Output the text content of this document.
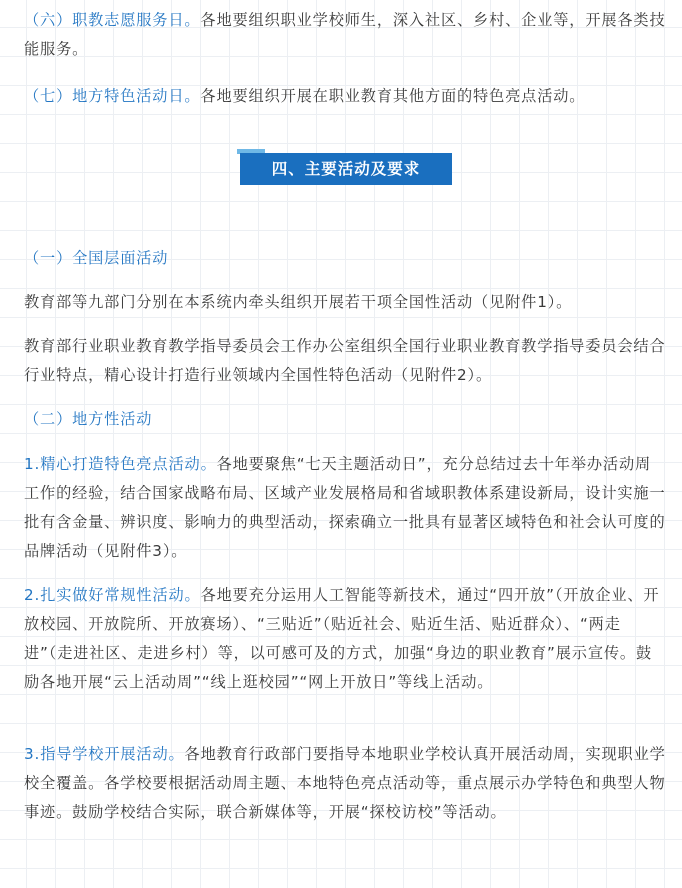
（六）职教志愿服务日。各地要组织职业学校师生，深入社区、乡村、企业等，开展各类技能服务。

（七）地方特色活动日。各地要组织开展在职业教育其他方面的特色亮点活动。

四、主要活动及要求

（一）全国层面活动

教育部等九部门分别在本系统内牵头组织开展若干项全国性活动（见附件1）。

教育部行业职业教育教学指导委员会工作办公室组织全国行业职业教育教学指导委员会结合行业特点，精心设计打造行业领域内全国性特色活动（见附件2）。

（二）地方性活动

1.精心打造特色亮点活动。各地要聚焦“七天主题活动日”，充分总结过去十年举办活动周工作的经验，结合国家战略布局、区域产业发展格局和省域职教体系建设新局，设计实施一批有含金量、辨识度、影响力的典型活动，探索确立一批具有显著区域特色和社会认可度的品牌活动（见附件3）。

2.扎实做好常规性活动。各地要充分运用人工智能等新技术，通过“四开放”（开放企业、开放校园、开放院所、开放赛场）、“三贴近”（贴近社会、贴近生活、贴近群众）、“两走进”（走进社区、走进乡村）等，以可感可及的方式，加强“身边的职业教育”展示宣传。鼓励各地开展“云上活动周”“线上逛校园”“网上开放日”等线上活动。

3.指导学校开展活动。各地教育行政部门要指导本地职业学校认真开展活动周，实现职业学校全覆盖。各学校要根据活动周主题、本地特色亮点活动等，重点展示办学特色和典型人物事迹。鼓励学校结合实际，联合新媒体等，开展“探校访校”等活动。
